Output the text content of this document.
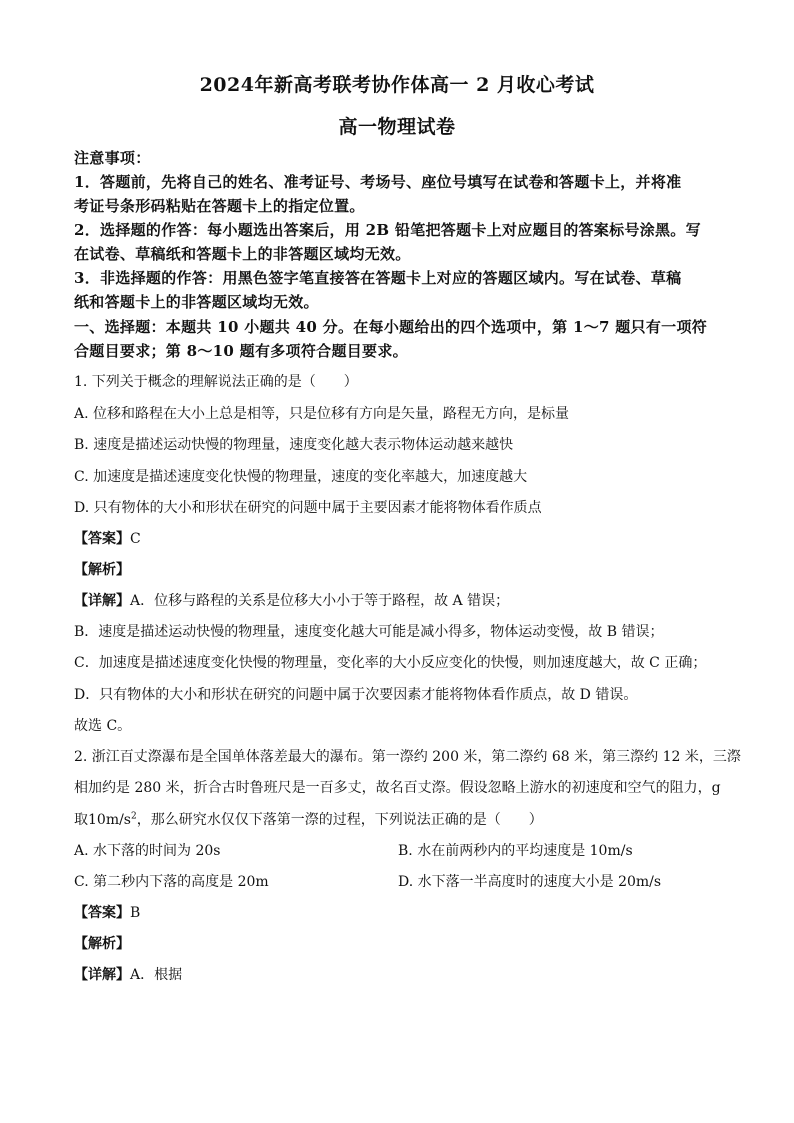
2024年新高考联考协作体高一 2 月收心考试
高一物理试卷
注意事项：
1．答题前，先将自己的姓名、准考证号、考场号、座位号填写在试卷和答题卡上，并将准
考证号条形码粘贴在答题卡上的指定位置。
2．选择题的作答：每小题选出答案后，用 2B 铅笔把答题卡上对应题目的答案标号涂黑。写
在试卷、草稿纸和答题卡上的非答题区域均无效。
3．非选择题的作答：用黑色签字笔直接答在答题卡上对应的答题区域内。写在试卷、草稿
纸和答题卡上的非答题区域均无效。
一、选择题：本题共 10 小题共 40 分。在每小题给出的四个选项中，第 1～7 题只有一项符
合题目要求；第 8～10 题有多项符合题目要求。
1. 下列关于概念的理解说法正确的是（　　）
A. 位移和路程在大小上总是相等，只是位移有方向是矢量，路程无方向，是标量
B. 速度是描述运动快慢的物理量，速度变化越大表示物体运动越来越快
C. 加速度是描述速度变化快慢的物理量，速度的变化率越大，加速度越大
D. 只有物体的大小和形状在研究的问题中属于主要因素才能将物体看作质点
【答案】C
【解析】
【详解】A．位移与路程的关系是位移大小小于等于路程，故 A 错误；
B．速度是描述运动快慢的物理量，速度变化越大可能是减小得多，物体运动变慢，故 B 错误；
C．加速度是描述速度变化快慢的物理量，变化率的大小反应变化的快慢，则加速度越大，故 C 正确；
D．只有物体的大小和形状在研究的问题中属于次要因素才能将物体看作质点，故 D 错误。
故选 C。
2. 浙江百丈漈瀑布是全国单体落差最大的瀑布。第一漈约 200 米，第二漈约 68 米，第三漈约 12 米，三漈
相加约是 280 米，折合古时鲁班尺是一百多丈，故名百丈漈。假设忽略上游水的初速度和空气的阻力，g
取$10m/s^2$，那么研究水仅仅下落第一漈的过程，下列说法正确的是（　　）
A. 水下落的时间为 20s	B. 水在前两秒内的平均速度是 10m/s
C. 第二秒内下落的高度是 20m	D. 水下落一半高度时的速度大小是 20m/s
【答案】B
【解析】
【详解】A．根据
